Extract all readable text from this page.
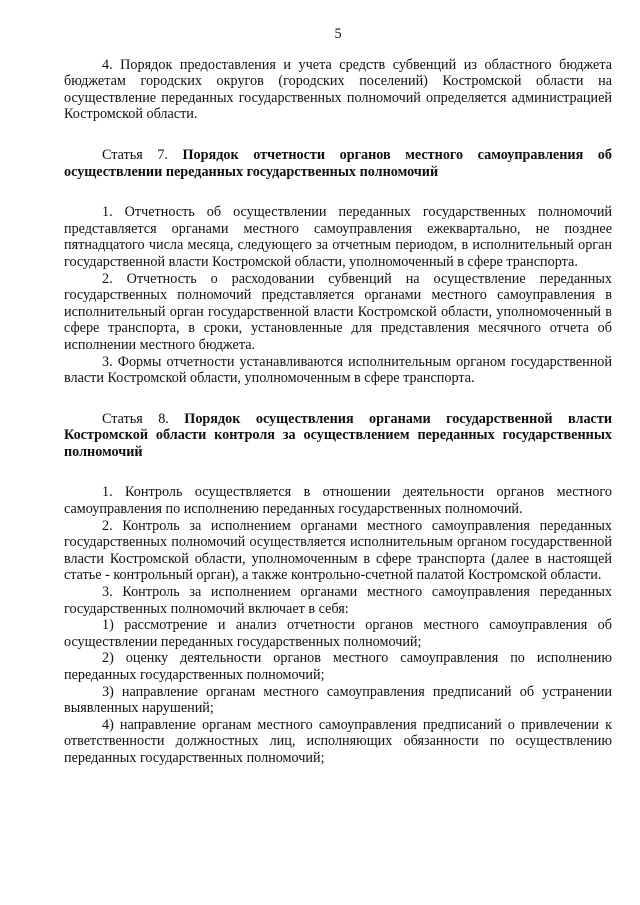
5

4. Порядок предоставления и учета средств субвенций из областного бюджета бюджетам городских округов (городских поселений) Костромской области на осуществление переданных государственных полномочий определяется администрацией Костромской области.

Статья 7. Порядок отчетности органов местного самоуправления об осуществлении переданных государственных полномочий

1. Отчетность об осуществлении переданных государственных полномочий представляется органами местного самоуправления ежеквартально, не позднее пятнадцатого числа месяца, следующего за отчетным периодом, в исполнительный орган государственной власти Костромской области, уполномоченный в сфере транспорта.

2. Отчетность о расходовании субвенций на осуществление переданных государственных полномочий представляется органами местного самоуправления в исполнительный орган государственной власти Костромской области, уполномоченный в сфере транспорта, в сроки, установленные для представления месячного отчета об исполнении местного бюджета.

3. Формы отчетности устанавливаются исполнительным органом государственной власти Костромской области, уполномоченным в сфере транспорта.

Статья 8. Порядок осуществления органами государственной власти Костромской области контроля за осуществлением переданных государственных полномочий

1. Контроль осуществляется в отношении деятельности органов местного самоуправления по исполнению переданных государственных полномочий.

2. Контроль за исполнением органами местного самоуправления переданных государственных полномочий осуществляется исполнительным органом государственной власти Костромской области, уполномоченным в сфере транспорта (далее в настоящей статье - контрольный орган), а также контрольно-счетной палатой Костромской области.

3. Контроль за исполнением органами местного самоуправления переданных государственных полномочий включает в себя:

1) рассмотрение и анализ отчетности органов местного самоуправления об осуществлении переданных государственных полномочий;

2) оценку деятельности органов местного самоуправления по исполнению переданных государственных полномочий;

3) направление органам местного самоуправления предписаний об устранении выявленных нарушений;

4) направление органам местного самоуправления предписаний о привлечении к ответственности должностных лиц, исполняющих обязанности по осуществлению переданных государственных полномочий;
